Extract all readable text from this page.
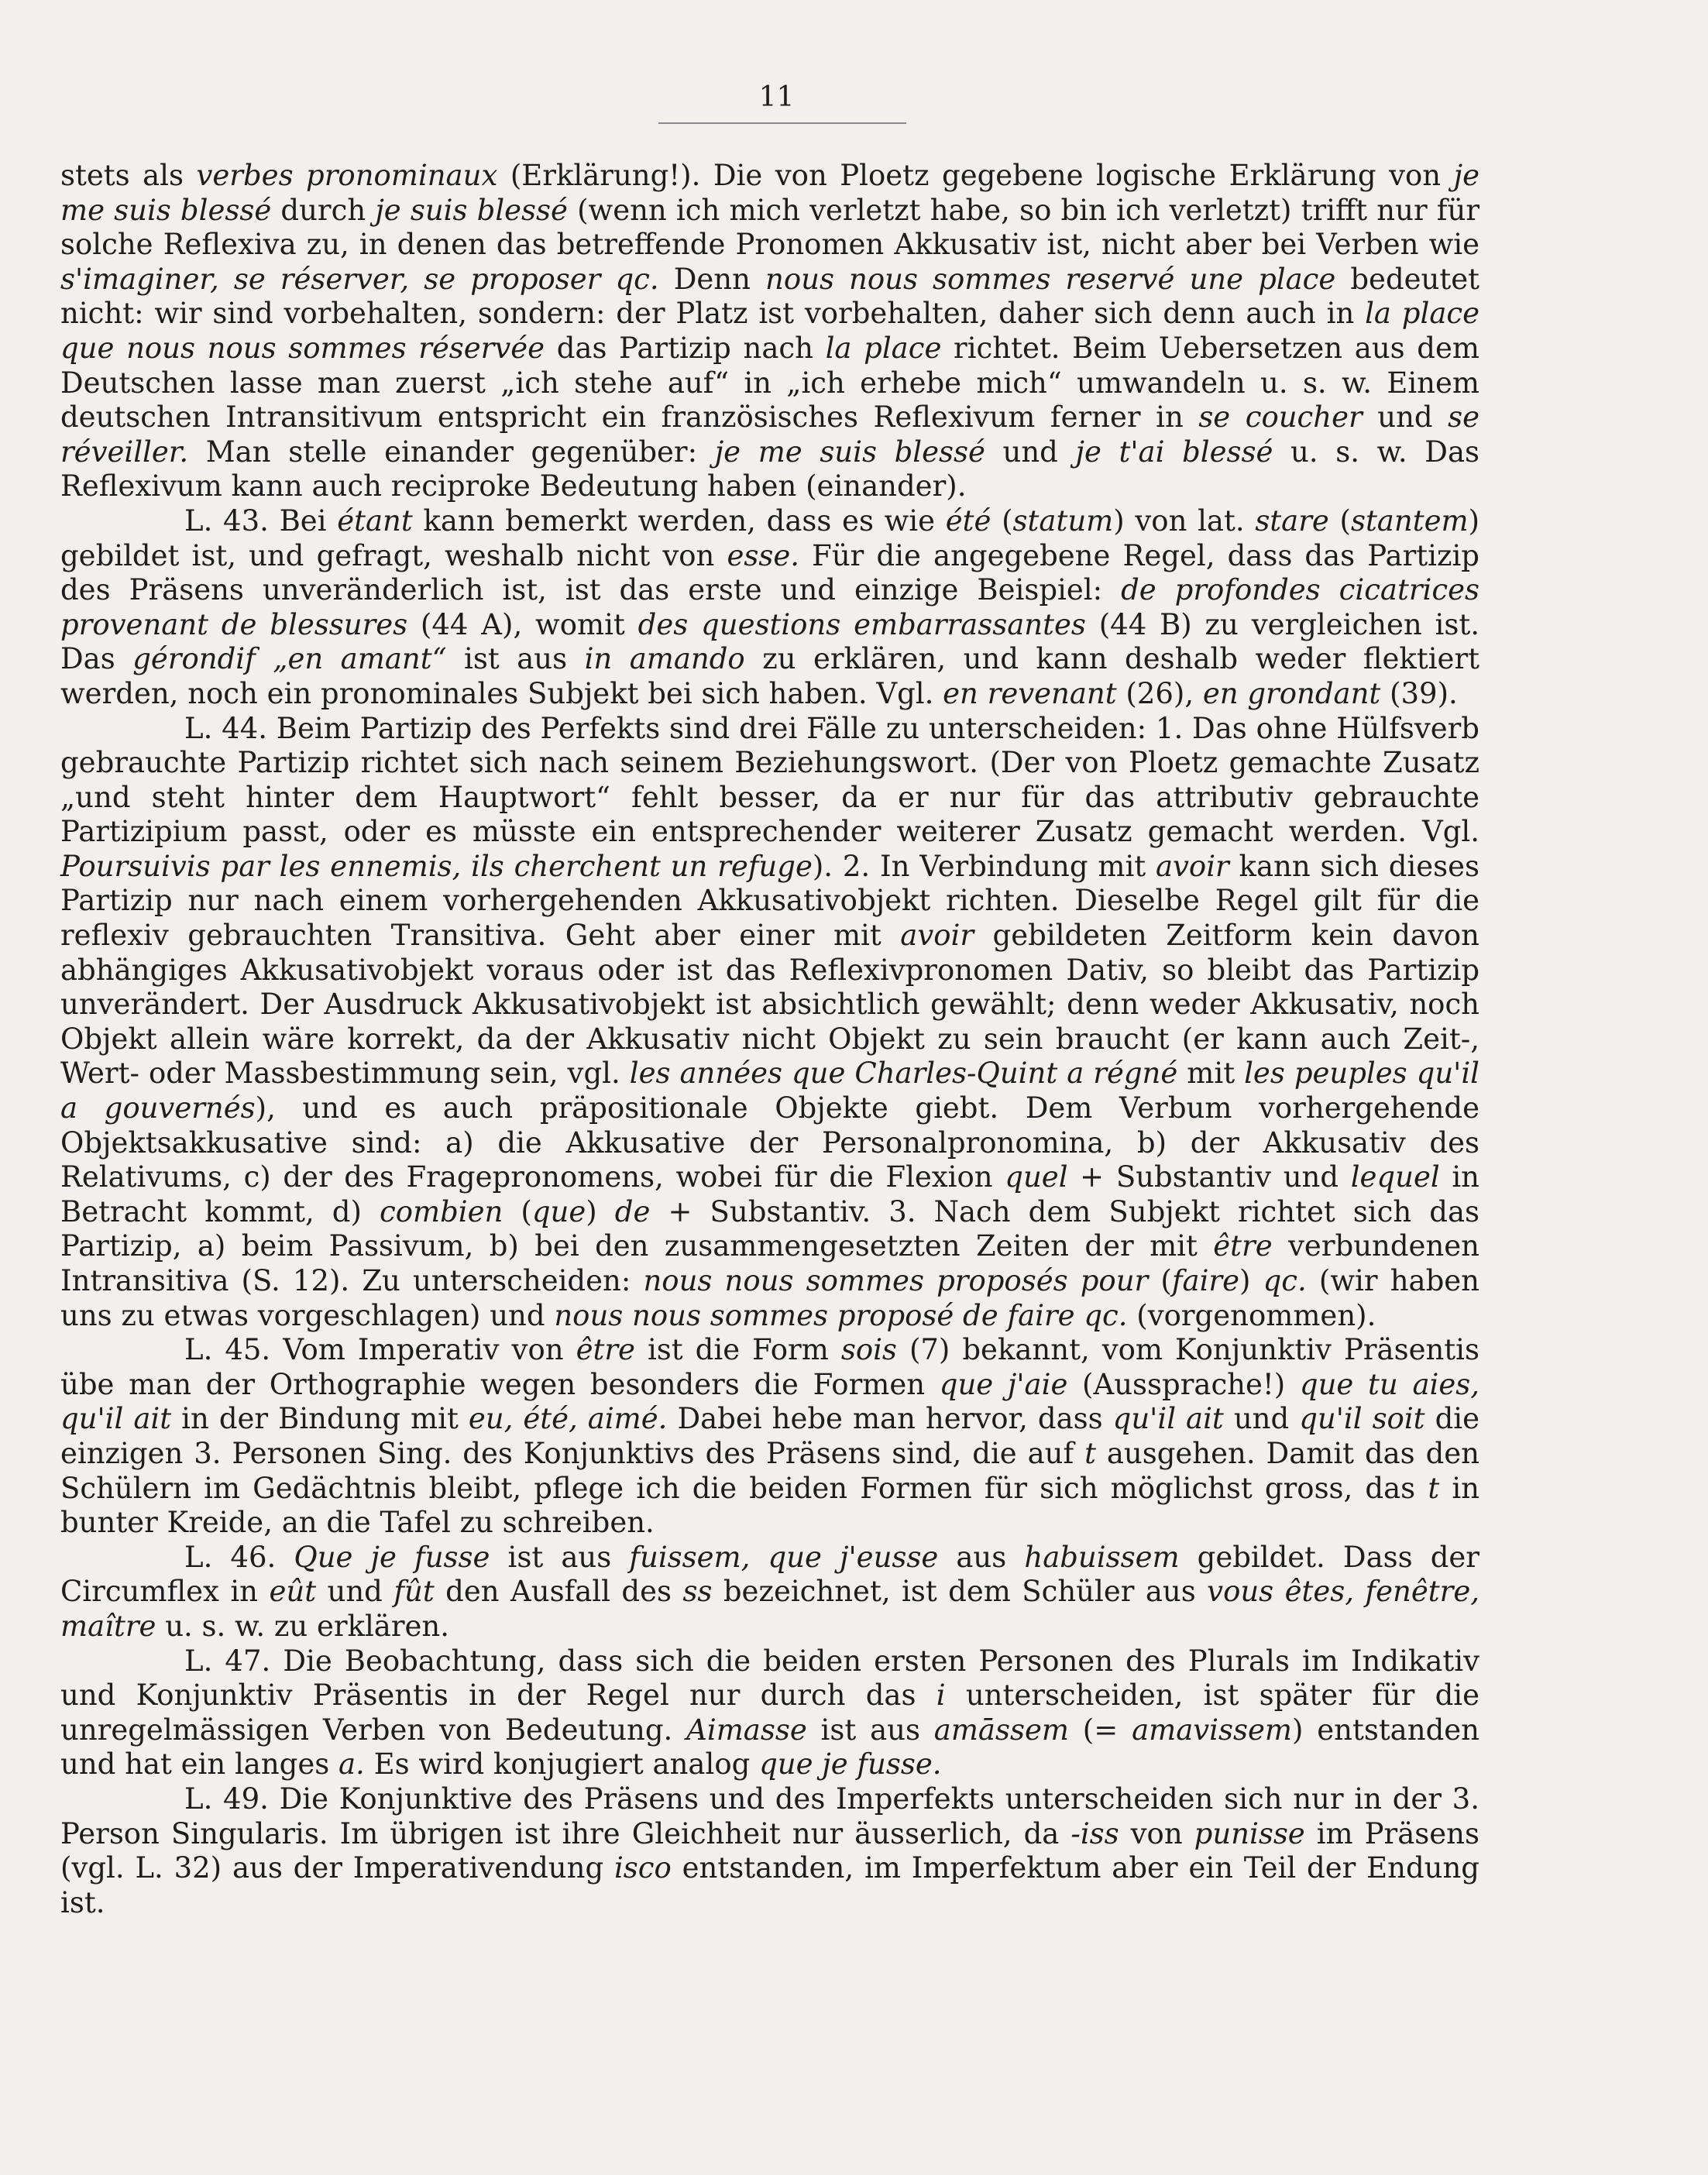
11

stets als verbes pronominaux (Erklärung!). Die von Ploetz gegebene logische Erklärung von je me suis blessé durch je suis blessé (wenn ich mich verletzt habe, so bin ich verletzt) trifft nur für solche Reflexiva zu, in denen das betreffende Pronomen Akkusativ ist, nicht aber bei Verben wie s'imaginer, se réserver, se proposer qc. Denn nous nous sommes reservé une place bedeutet nicht: wir sind vorbehalten, sondern: der Platz ist vorbehalten, daher sich denn auch in la place que nous nous sommes réservée das Partizip nach la place richtet. Beim Uebersetzen aus dem Deutschen lasse man zuerst „ich stehe auf“ in „ich erhebe mich“ umwandeln u. s. w. Einem deutschen Intransitivum entspricht ein französisches Reflexivum ferner in se coucher und se réveiller. Man stelle einander gegenüber: je me suis blessé und je t'ai blessé u. s. w. Das Reflexivum kann auch reciproke Bedeutung haben (einander).

L. 43. Bei étant kann bemerkt werden, dass es wie été (statum) von lat. stare (stantem) gebildet ist, und gefragt, weshalb nicht von esse. Für die angegebene Regel, dass das Partizip des Präsens unveränderlich ist, ist das erste und einzige Beispiel: de profondes cicatrices provenant de blessures (44 A), womit des questions embarrassantes (44 B) zu vergleichen ist. Das gérondif „en amant“ ist aus in amando zu erklären, und kann deshalb weder flektiert werden, noch ein pronominales Subjekt bei sich haben. Vgl. en revenant (26), en grondant (39).

L. 44. Beim Partizip des Perfekts sind drei Fälle zu unterscheiden: 1. Das ohne Hülfsverb gebrauchte Partizip richtet sich nach seinem Beziehungswort. (Der von Ploetz gemachte Zusatz „und steht hinter dem Hauptwort“ fehlt besser, da er nur für das attributiv gebrauchte Partizipium passt, oder es müsste ein entsprechender weiterer Zusatz gemacht werden. Vgl. Poursuivis par les ennemis, ils cherchent un refuge). 2. In Verbindung mit avoir kann sich dieses Partizip nur nach einem vorhergehenden Akkusativobjekt richten. Dieselbe Regel gilt für die reflexiv gebrauchten Transitiva. Geht aber einer mit avoir gebildeten Zeitform kein davon abhängiges Akkusativobjekt voraus oder ist das Reflexivpronomen Dativ, so bleibt das Partizip unverändert. Der Ausdruck Akkusativobjekt ist absichtlich gewählt; denn weder Akkusativ, noch Objekt allein wäre korrekt, da der Akkusativ nicht Objekt zu sein braucht (er kann auch Zeit-, Wert- oder Massbestimmung sein, vgl. les années que Charles-Quint a régné mit les peuples qu'il a gouvernés), und es auch präpositionale Objekte giebt. Dem Verbum vorhergehende Objektsakkusative sind: a) die Akkusative der Personalpronomina, b) der Akkusativ des Relativums, c) der des Fragepronomens, wobei für die Flexion quel + Substantiv und lequel in Betracht kommt, d) combien (que) de + Substantiv. 3. Nach dem Subjekt richtet sich das Partizip, a) beim Passivum, b) bei den zusammengesetzten Zeiten der mit être verbundenen Intransitiva (S. 12). Zu unterscheiden: nous nous sommes proposés pour (faire) qc. (wir haben uns zu etwas vorgeschlagen) und nous nous sommes proposé de faire qc. (vorgenommen).

L. 45. Vom Imperativ von être ist die Form sois (7) bekannt, vom Konjunktiv Präsentis übe man der Orthographie wegen besonders die Formen que j'aie (Aussprache!) que tu aies, qu'il ait in der Bindung mit eu, été, aimé. Dabei hebe man hervor, dass qu'il ait und qu'il soit die einzigen 3. Personen Sing. des Konjunktivs des Präsens sind, die auf t ausgehen. Damit das den Schülern im Gedächtnis bleibt, pflege ich die beiden Formen für sich möglichst gross, das t in bunter Kreide, an die Tafel zu schreiben.

L. 46. Que je fusse ist aus fuissem, que j'eusse aus habuissem gebildet. Dass der Circumflex in eût und fût den Ausfall des ss bezeichnet, ist dem Schüler aus vous êtes, fenêtre, maître u. s. w. zu erklären.

L. 47. Die Beobachtung, dass sich die beiden ersten Personen des Plurals im Indikativ und Konjunktiv Präsentis in der Regel nur durch das i unterscheiden, ist später für die unregelmässigen Verben von Bedeutung. Aimasse ist aus amāssem (= amavissem) entstanden und hat ein langes a. Es wird konjugiert analog que je fusse.

L. 49. Die Konjunktive des Präsens und des Imperfekts unterscheiden sich nur in der 3. Person Singularis. Im übrigen ist ihre Gleichheit nur äusserlich, da -iss von punisse im Präsens (vgl. L. 32) aus der Imperativendung isco entstanden, im Imperfektum aber ein Teil der Endung ist.
